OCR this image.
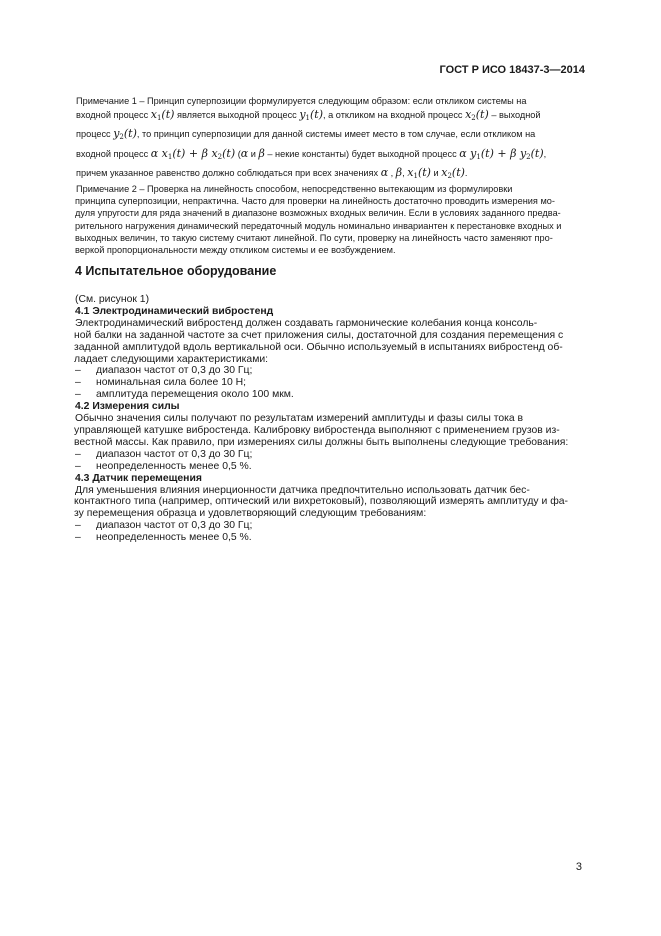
ГОСТ Р ИСО 18437-3—2014

Примечание 1 – Принцип суперпозиции формулируется следующим образом: если откликом системы на
входной процесс x1(t) является выходной процесс y1(t), а откликом на входной процесс x2(t) – выходной
процесс y2(t), то принцип суперпозиции для данной системы имеет место в том случае, если откликом на
входной процесс α x1(t) + β x2(t) (α и β – некие константы) будет выходной процесс α y1(t) + β y2(t),
причем указанное равенство должно соблюдаться при всех значениях α , β, x1(t) и x2(t).
Примечание 2 – Проверка на линейность способом, непосредственно вытекающим из формулировки
принципа суперпозиции, непрактична. Часто для проверки на линейность достаточно проводить измерения мо-
дуля упругости для ряда значений в диапазоне возможных входных величин. Если в условиях заданного предва-
рительного нагружения динамический передаточный модуль номинально инвариантен к перестановке входных и
выходных величин, то такую систему считают линейной. По сути, проверку на линейность часто заменяют про-
веркой пропорциональности между откликом системы и ее возбуждением.
4 Испытательное оборудование

(См. рисунок 1)

4.1 Электродинамический вибростенд

Электродинамический вибростенд должен создавать гармонические колебания конца консоль-

ной балки на заданной частоте за счет приложения силы, достаточной для создания перемещения с

заданной амплитудой вдоль вертикальной оси. Обычно используемый в испытаниях вибростенд об-

ладает следующими характеристиками:

–	диапазон частот от 0,3 до 30 Гц;
–	номинальная сила более 10 Н;
–	амплитуда перемещения около 100 мкм.

4.2 Измерения силы

Обычно значения силы получают по результатам измерений амплитуды и фазы силы тока в

управляющей катушке вибростенда. Калибровку вибростенда выполняют с применением грузов из-

вестной массы. Как правило, при измерениях силы должны быть выполнены следующие требования:

–	диапазон частот от 0,3 до 30 Гц;
–	неопределенность менее 0,5 %.

4.3 Датчик перемещения

Для уменьшения влияния инерционности датчика предпочтительно использовать датчик бес-

контактного типа (например, оптический или вихретоковый), позволяющий измерять амплитуду и фа-

зу перемещения образца и удовлетворяющий следующим требованиям:

–	диапазон частот от 0,3 до 30 Гц;
–	неопределенность менее 0,5 %.
3
